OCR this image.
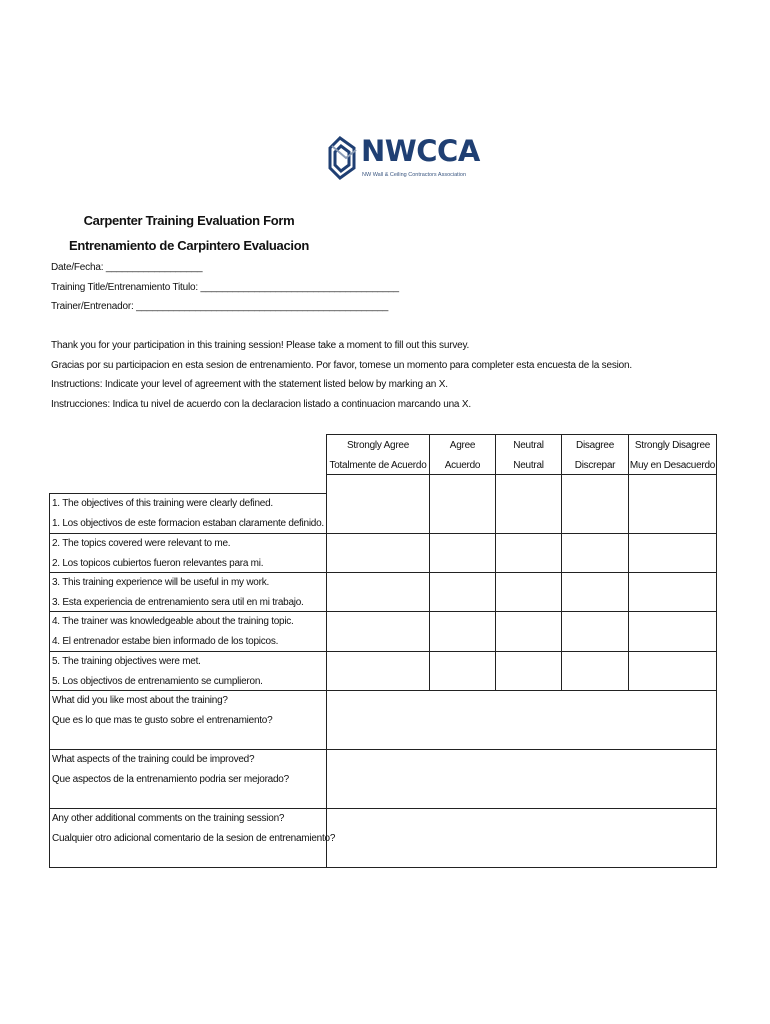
NWCCA
NW Wall & Ceiling Contractors Association
Carpenter Training Evaluation Form
Entrenamiento de Carpintero Evaluacion
Date/Fecha: __________________
Training Title/Entrenamiento Titulo: _____________________________________
Trainer/Entrenador: _______________________________________________
Thank you for your participation in this training session! Please take a moment to fill out this survey.
Gracias por su participacion en esta sesion de entrenamiento. Por favor, tomese un momento para completer esta encuesta de la sesion.
Instructions: Indicate your level of agreement with the statement listed below by marking an X.
Instrucciones: Indica tu nivel de acuerdo con la declaracion listado a continuacion marcando una X.
Strongly Agree
Totalmente de Acuerdo
Agree
Acuerdo
Neutral
Neutral
Disagree
Discrepar
Strongly Disagree
Muy en Desacuerdo
1. The objectives of this training were clearly defined.
1. Los objectivos de este formacion estaban claramente definido.
2. The topics covered were relevant to me.
2. Los topicos cubiertos fueron relevantes para mi.
3. This training experience will be useful in my work.
3. Esta experiencia de entrenamiento sera util en mi trabajo.
4. The trainer was knowledgeable about the training topic.
4. El entrenador estabe bien informado de los topicos.
5. The training objectives were met.
5. Los objectivos de entrenamiento se cumplieron.
What did you like most about the training?
Que es lo que mas te gusto sobre el entrenamiento?
What aspects of the training could be improved?
Que aspectos de la entrenamiento podria ser mejorado?
Any other additional comments on the training session?
Cualquier otro adicional comentario de la sesion de entrenamiento?
